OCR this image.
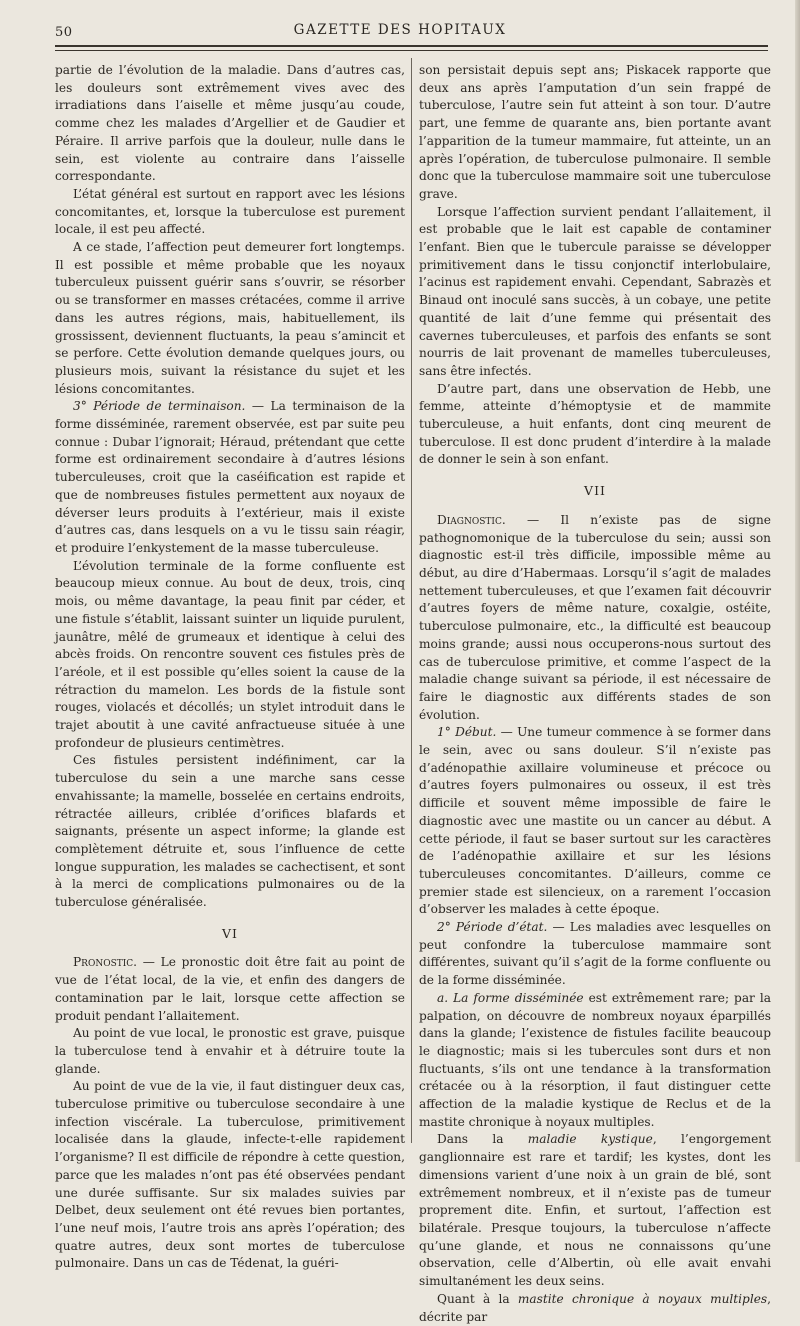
50	GAZETTE DES HOPITAUX

partie de l’évolution de la maladie. Dans d’autres cas, les douleurs sont extrêmement vives avec des irradiations dans l’aiselle et même jusqu’au coude, comme chez les malades d’Argellier et de Gaudier et Péraire. Il arrive parfois que la douleur, nulle dans le sein, est violente au contraire dans l’aisselle correspondante.

L’état général est surtout en rapport avec les lésions concomitantes, et, lorsque la tuberculose est purement locale, il est peu affecté.

A ce stade, l’affection peut demeurer fort longtemps. Il est possible et même probable que les noyaux tuberculeux puissent guérir sans s’ouvrir, se résorber ou se transformer en masses crétacées, comme il arrive dans les autres régions, mais, habituellement, ils grossissent, deviennent fluctuants, la peau s’amincit et se perfore. Cette évolution demande quelques jours, ou plusieurs mois, suivant la résistance du sujet et les lésions concomitantes.

3° Période de terminaison. — La terminaison de la forme disséminée, rarement observée, est par suite peu connue : Dubar l’ignorait; Héraud, prétendant que cette forme est ordinairement secondaire à d’autres lésions tuberculeuses, croit que la caséification est rapide et que de nombreuses fistules permettent aux noyaux de déverser leurs produits à l’extérieur, mais il existe d’autres cas, dans lesquels on a vu le tissu sain réagir, et produire l’enkystement de la masse tuberculeuse.

L’évolution terminale de la forme confluente est beaucoup mieux connue. Au bout de deux, trois, cinq mois, ou même davantage, la peau finit par céder, et une fistule s’établit, laissant suinter un liquide purulent, jaunâtre, mêlé de grumeaux et identique à celui des abcès froids. On rencontre souvent ces fistules près de l’aréole, et il est possible qu’elles soient la cause de la rétraction du mamelon. Les bords de la fistule sont rouges, violacés et décollés; un stylet introduit dans le trajet aboutit à une cavité anfractueuse située à une profondeur de plusieurs centimètres.

Ces fistules persistent indéfiniment, car la tuberculose du sein a une marche sans cesse envahissante; la mamelle, bosselée en certains endroits, rétractée ailleurs, criblée d’orifices blafards et saignants, présente un aspect informe; la glande est complètement détruite et, sous l’influence de cette longue suppuration, les malades se cachectisent, et sont à la merci de complications pulmonaires ou de la tuberculose généralisée.

VI

Pronostic. — Le pronostic doit être fait au point de vue de l’état local, de la vie, et enfin des dangers de contamination par le lait, lorsque cette affection se produit pendant l’allaitement.

Au point de vue local, le pronostic est grave, puisque la tuberculose tend à envahir et à détruire toute la glande.

Au point de vue de la vie, il faut distinguer deux cas, tuberculose primitive ou tuberculose secondaire à une infection viscérale. La tuberculose, primitivement localisée dans la glaude, infecte-t-elle rapidement l’organisme? Il est difficile de répondre à cette question, parce que les malades n’ont pas été observées pendant une durée suffisante. Sur six malades suivies par Delbet, deux seulement ont été revues bien portantes, l’une neuf mois, l’autre trois ans après l’opération; des quatre autres, deux sont mortes de tuberculose pulmonaire. Dans un cas de Tédenat, la guéri-

son persistait depuis sept ans; Piskacek rapporte que deux ans après l’amputation d’un sein frappé de tuberculose, l’autre sein fut atteint à son tour. D’autre part, une femme de quarante ans, bien portante avant l’apparition de la tumeur mammaire, fut atteinte, un an après l’opération, de tuberculose pulmonaire. Il semble donc que la tuberculose mammaire soit une tuberculose grave.

Lorsque l’affection survient pendant l’allaitement, il est probable que le lait est capable de contaminer l’enfant. Bien que le tubercule paraisse se développer primitivement dans le tissu conjonctif interlobulaire, l’acinus est rapidement envahi. Cependant, Sabrazès et Binaud ont inoculé sans succès, à un cobaye, une petite quantité de lait d’une femme qui présentait des cavernes tuberculeuses, et parfois des enfants se sont nourris de lait provenant de mamelles tuberculeuses, sans être infectés.

D’autre part, dans une observation de Hebb, une femme, atteinte d’hémoptysie et de mammite tuberculeuse, a huit enfants, dont cinq meurent de tuberculose. Il est donc prudent d’interdire à la malade de donner le sein à son enfant.

VII

Diagnostic. — Il n’existe pas de signe pathognomonique de la tuberculose du sein; aussi son diagnostic est-il très difficile, impossible même au début, au dire d’Habermaas. Lorsqu’il s’agit de malades nettement tuberculeuses, et que l’examen fait découvrir d’autres foyers de même nature, coxalgie, ostéite, tuberculose pulmonaire, etc., la difficulté est beaucoup moins grande; aussi nous occuperons-nous surtout des cas de tuberculose primitive, et comme l’aspect de la maladie change suivant sa période, il est nécessaire de faire le diagnostic aux différents stades de son évolution.

1° Début. — Une tumeur commence à se former dans le sein, avec ou sans douleur. S’il n’existe pas d’adénopathie axillaire volumineuse et précoce ou d’autres foyers pulmonaires ou osseux, il est très difficile et souvent même impossible de faire le diagnostic avec une mastite ou un cancer au début. A cette période, il faut se baser surtout sur les caractères de l’adénopathie axillaire et sur les lésions tuberculeuses concomitantes. D’ailleurs, comme ce premier stade est silencieux, on a rarement l’occasion d’observer les malades à cette époque.

2° Période d’état. — Les maladies avec lesquelles on peut confondre la tuberculose mammaire sont différentes, suivant qu’il s’agit de la forme confluente ou de la forme disséminée.

a. La forme disséminée est extrêmement rare; par la palpation, on découvre de nombreux noyaux éparpillés dans la glande; l’existence de fistules facilite beaucoup le diagnostic; mais si les tubercules sont durs et non fluctuants, s’ils ont une tendance à la transformation crétacée ou à la résorption, il faut distinguer cette affection de la maladie kystique de Reclus et de la mastite chronique à noyaux multiples.

Dans la maladie kystique, l’engorgement ganglionnaire est rare et tardif; les kystes, dont les dimensions varient d’une noix à un grain de blé, sont extrêmement nombreux, et il n’existe pas de tumeur proprement dite. Enfin, et surtout, l’affection est bilatérale. Presque toujours, la tuberculose n’affecte qu’une glande, et nous ne connaissons qu’une observation, celle d’Albertin, où elle avait envahi simultanément les deux seins.

Quant à la mastite chronique à noyaux multiples, décrite par
